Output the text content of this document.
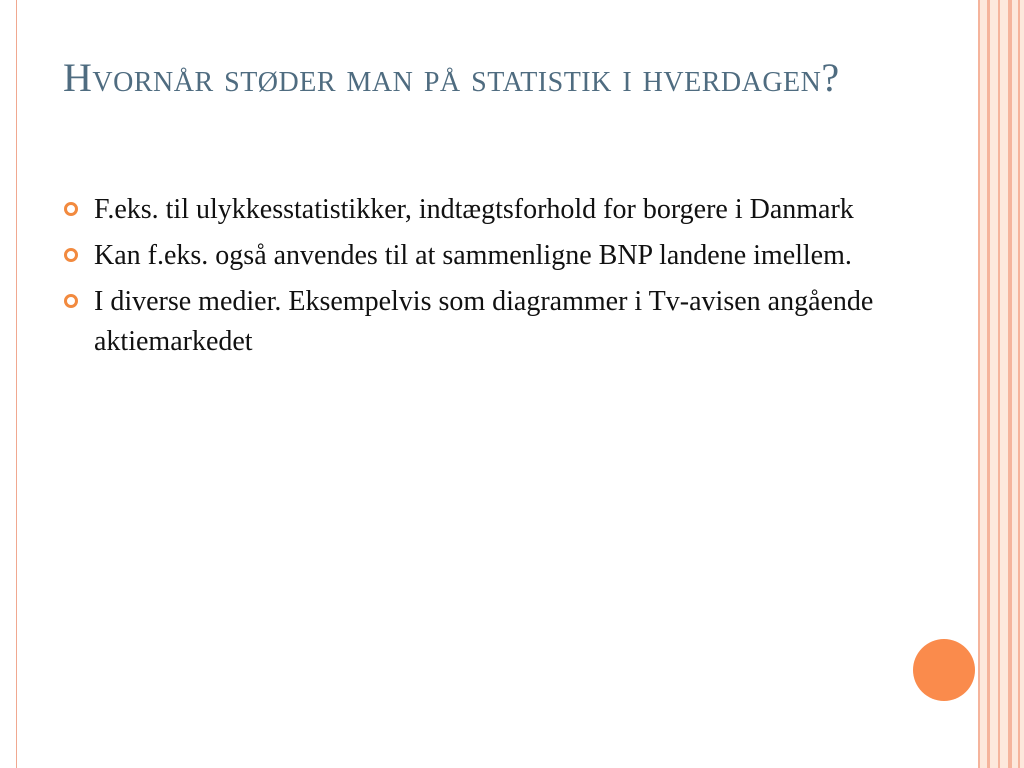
Hvornår støder man på statistik i hverdagen?
F.eks. til ulykkesstatistikker, indtægtsforhold for borgere i Danmark
Kan f.eks. også anvendes til at sammenligne BNP landene imellem.
I diverse medier. Eksempelvis som diagrammer i Tv-avisen angående aktiemarkedet
